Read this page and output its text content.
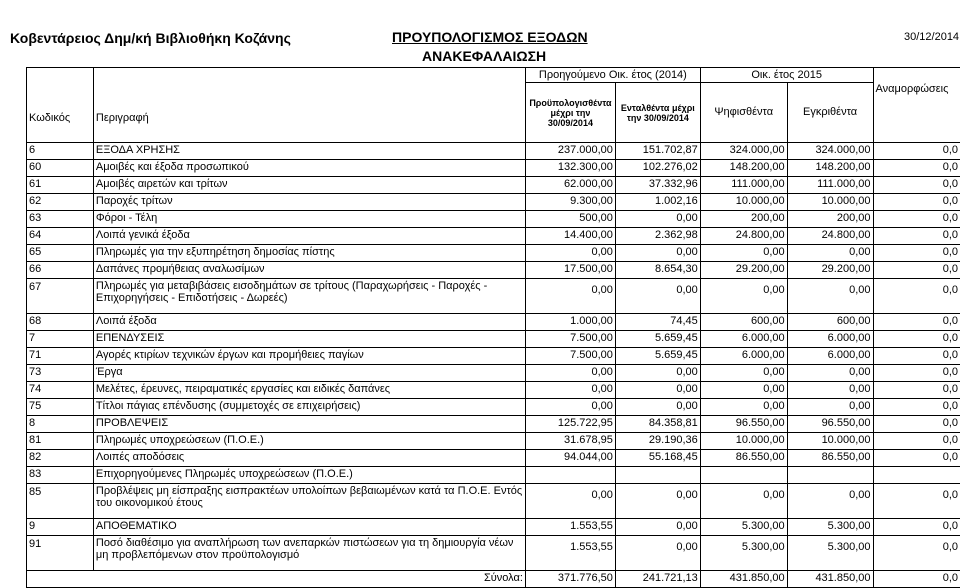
Κοβεντάρειος Δημ/κή Βιβλιοθήκη Κοζάνης	ΠΡΟΥΠΟΛΟΓΙΣΜΟΣ ΕΞΟΔΩΝ
ΑΝΑΚΕΦΑΛΑΙΩΣΗ
30/12/2014
Κωδικός	Περιγραφή	Προηγούμενο Οικ. έτος (2014)		Οικ. έτος 2015		Αναμορφώσεις
		Προϋπολογισθέντα μέχρι την 30/09/2014	Ενταλθέντα μέχρι την 30/09/2014	Ψηφισθέντα	Εγκριθέντα	
6	ΕΞΟΔΑ ΧΡΗΣΗΣ	237.000,00	151.702,87	324.000,00	324.000,00	0,0
60	Αμοιβές και έξοδα προσωπικού	132.300,00	102.276,02	148.200,00	148.200,00	0,0
61	Αμοιβές αιρετών και τρίτων	62.000,00	37.332,96	111.000,00	111.000,00	0,0
62	Παροχές τρίτων	9.300,00	1.002,16	10.000,00	10.000,00	0,0
63	Φόροι - Τέλη	500,00	0,00	200,00	200,00	0,0
64	Λοιπά γενικά έξοδα	14.400,00	2.362,98	24.800,00	24.800,00	0,0
65	Πληρωμές για την εξυπηρέτηση δημοσίας πίστης	0,00	0,00	0,00	0,00	0,0
66	Δαπάνες προμήθειας αναλωσίμων	17.500,00	8.654,30	29.200,00	29.200,00	0,0
67	Πληρωμές για μεταβιβάσεις εισοδημάτων σε τρίτους (Παραχωρήσεις - Παροχές - Επιχορηγήσεις - Επιδοτήσεις - Δωρεές)	0,00	0,00	0,00	0,00	0,0
68	Λοιπά έξοδα	1.000,00	74,45	600,00	600,00	0,0
7	ΕΠΕΝΔΥΣΕΙΣ	7.500,00	5.659,45	6.000,00	6.000,00	0,0
71	Αγορές κτιρίων τεχνικών έργων και προμήθειες παγίων	7.500,00	5.659,45	6.000,00	6.000,00	0,0
73	Έργα	0,00	0,00	0,00	0,00	0,0
74	Μελέτες, έρευνες, πειραματικές εργασίες και ειδικές δαπάνες	0,00	0,00	0,00	0,00	0,0
75	Τίτλοι πάγιας επένδυσης (συμμετοχές σε επιχειρήσεις)	0,00	0,00	0,00	0,00	0,0
8	ΠΡΟΒΛΕΨΕΙΣ	125.722,95	84.358,81	96.550,00	96.550,00	0,0
81	Πληρωμές υποχρεώσεων (Π.Ο.Ε.)	31.678,95	29.190,36	10.000,00	10.000,00	0,0
82	Λοιπές αποδόσεις	94.044,00	55.168,45	86.550,00	86.550,00	0,0
83	Επιχορηγούμενες Πληρωμές υποχρεώσεων (Π.Ο.Ε.)					
85	Προβλέψεις μη είσπραξης εισπρακτέων υπολοίπων βεβαιωμένων κατά τα Π.Ο.Ε. Εντός του οικονομικού έτους	0,00	0,00	0,00	0,00	0,0
9	ΑΠΟΘΕΜΑΤΙΚΟ	1.553,55	0,00	5.300,00	5.300,00	0,0
91	Ποσό διαθέσιμο για αναπλήρωση των ανεπαρκών πιστώσεων για τη δημιουργία νέων μη προβλεπόμενων στον προϋπολογισμό	1.553,55	0,00	5.300,00	5.300,00	0,0
Σύνολα:		371.776,50	241.721,13	431.850,00	431.850,00	0,0
